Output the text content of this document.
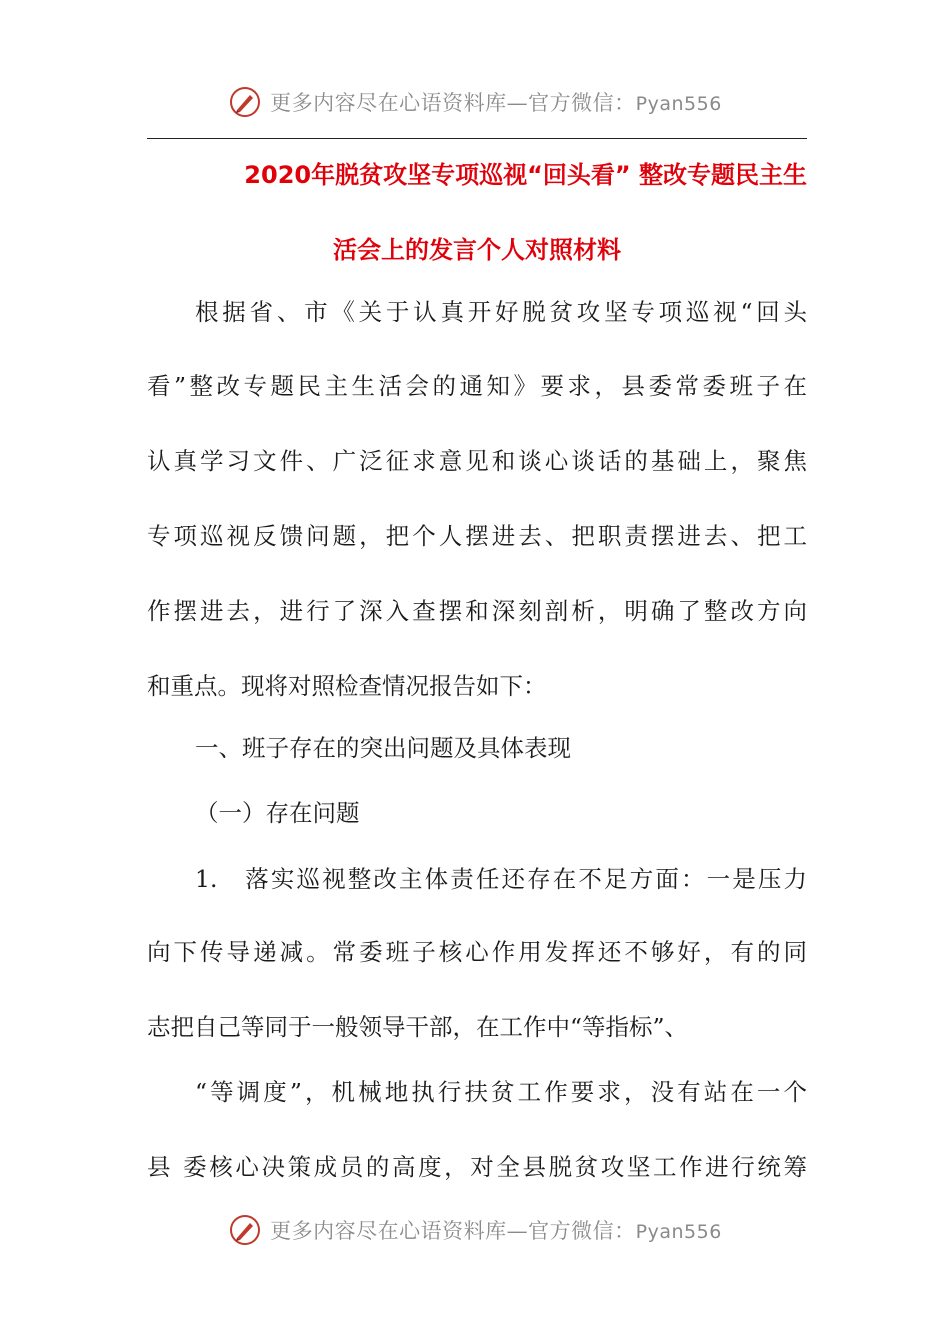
更多内容尽在心语资料库—官方微信：Pyan556

2020年脱贫攻坚专项巡视“回头看” 整改专题民主生

活会上的发言个人对照材料

根据省、市《关于认真开好脱贫攻坚专项巡视“回头

看”整改专题民主生活会的通知》要求，县委常委班子在

认真学习文件、广泛征求意见和谈心谈话的基础上，聚焦

专项巡视反馈问题，把个人摆进去、把职责摆进去、把工

作摆进去，进行了深入查摆和深刻剖析，明确了整改方向

和重点。现将对照检查情况报告如下：

一、班子存在的突出问题及具体表现

（一）存在问题

1.　落实巡视整改主体责任还存在不足方面：一是压力

向下传导递减。常委班子核心作用发挥还不够好，有的同

志把自己等同于一般领导干部，在工作中“等指标”、

“等调度”，机械地执行扶贫工作要求，没有站在一个

县 委核心决策成员的高度，对全县脱贫攻坚工作进行统筹

更多内容尽在心语资料库—官方微信：Pyan556
